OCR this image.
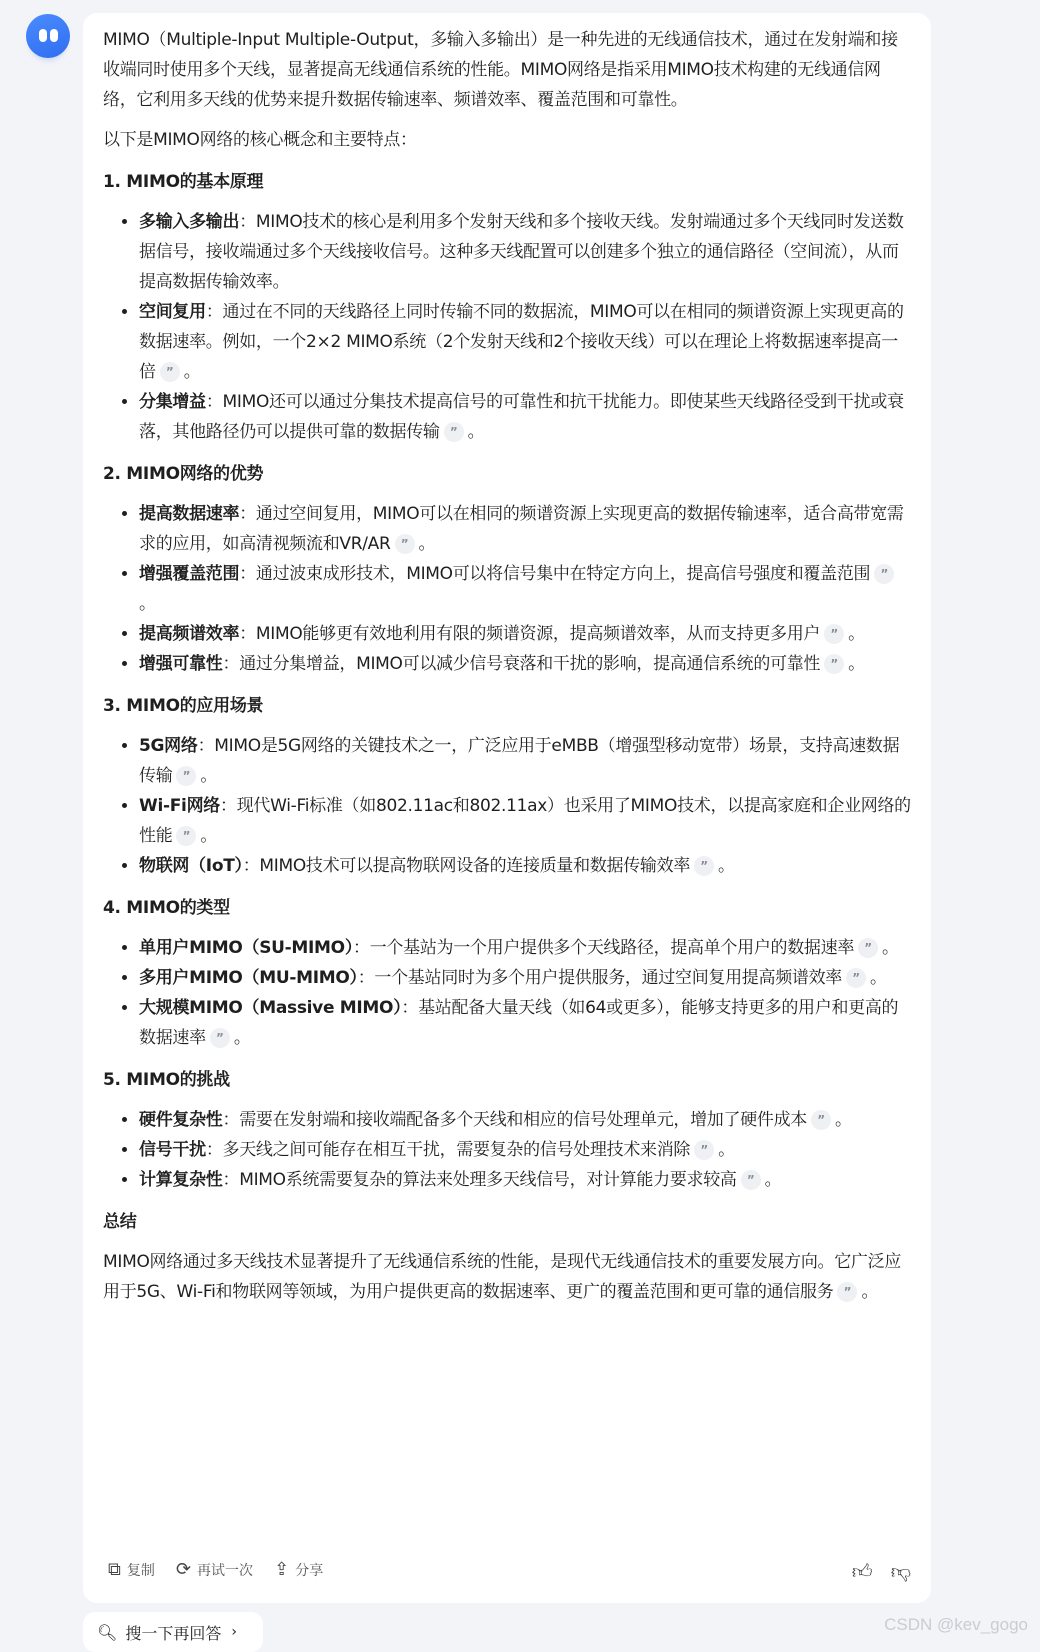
MIMO（Multiple-Input Multiple-Output，多输入多输出）是一种先进的无线通信技术，通过在发射端和接收端同时使用多个天线，显著提高无线通信系统的性能。MIMO网络是指采用MIMO技术构建的无线通信网络，它利用多天线的优势来提升数据传输速率、频谱效率、覆盖范围和可靠性。

以下是MIMO网络的核心概念和主要特点：

1. MIMO的基本原理
• 多输入多输出：MIMO技术的核心是利用多个发射天线和多个接收天线。发射端通过多个天线同时发送数据信号，接收端通过多个天线接收信号。这种多天线配置可以创建多个独立的通信路径（空间流），从而提高数据传输效率。
• 空间复用：通过在不同的天线路径上同时传输不同的数据流，MIMO可以在相同的频谱资源上实现更高的数据速率。例如，一个2×2 MIMO系统（2个发射天线和2个接收天线）可以在理论上将数据速率提高一倍 ” 。
• 分集增益：MIMO还可以通过分集技术提高信号的可靠性和抗干扰能力。即使某些天线路径受到干扰或衰落，其他路径仍可以提供可靠的数据传输 ” 。
2. MIMO网络的优势
• 提高数据速率：通过空间复用，MIMO可以在相同的频谱资源上实现更高的数据传输速率，适合高带宽需求的应用，如高清视频流和VR/AR ” 。
• 增强覆盖范围：通过波束成形技术，MIMO可以将信号集中在特定方向上，提高信号强度和覆盖范围 ”。
• 提高频谱效率：MIMO能够更有效地利用有限的频谱资源，提高频谱效率，从而支持更多用户 ” 。
• 增强可靠性：通过分集增益，MIMO可以减少信号衰落和干扰的影响，提高通信系统的可靠性 ” 。
3. MIMO的应用场景
• 5G网络：MIMO是5G网络的关键技术之一，广泛应用于eMBB（增强型移动宽带）场景，支持高速数据传输 ” 。
• Wi-Fi网络：现代Wi-Fi标准（如802.11ac和802.11ax）也采用了MIMO技术，以提高家庭和企业网络的性能 ” 。
• 物联网（IoT）：MIMO技术可以提高物联网设备的连接质量和数据传输效率 ” 。
4. MIMO的类型
• 单用户MIMO（SU-MIMO）：一个基站为一个用户提供多个天线路径，提高单个用户的数据速率 ” 。
• 多用户MIMO（MU-MIMO）：一个基站同时为多个用户提供服务，通过空间复用提高频谱效率 ” 。
• 大规模MIMO（Massive MIMO）：基站配备大量天线（如64或更多），能够支持更多的用户和更高的数据速率 ” 。
5. MIMO的挑战
• 硬件复杂性：需要在发射端和接收端配备多个天线和相应的信号处理单元，增加了硬件成本 ” 。
• 信号干扰：多天线之间可能存在相互干扰，需要复杂的信号处理技术来消除 ” 。
• 计算复杂性：MIMO系统需要复杂的算法来处理多天线信号，对计算能力要求较高 ” 。
总结

MIMO网络通过多天线技术显著提升了无线通信系统的性能，是现代无线通信技术的重要发展方向。它广泛应用于5G、Wi-Fi和物联网等领域，为用户提供更高的数据速率、更广的覆盖范围和更可靠的通信服务 ” 。

⧉ 复制
⟳ 再试一次
⇪ 分享	👍︎ 👎︎
🔍︎ 搜一下再回答 ›	CSDN @kev_gogo
